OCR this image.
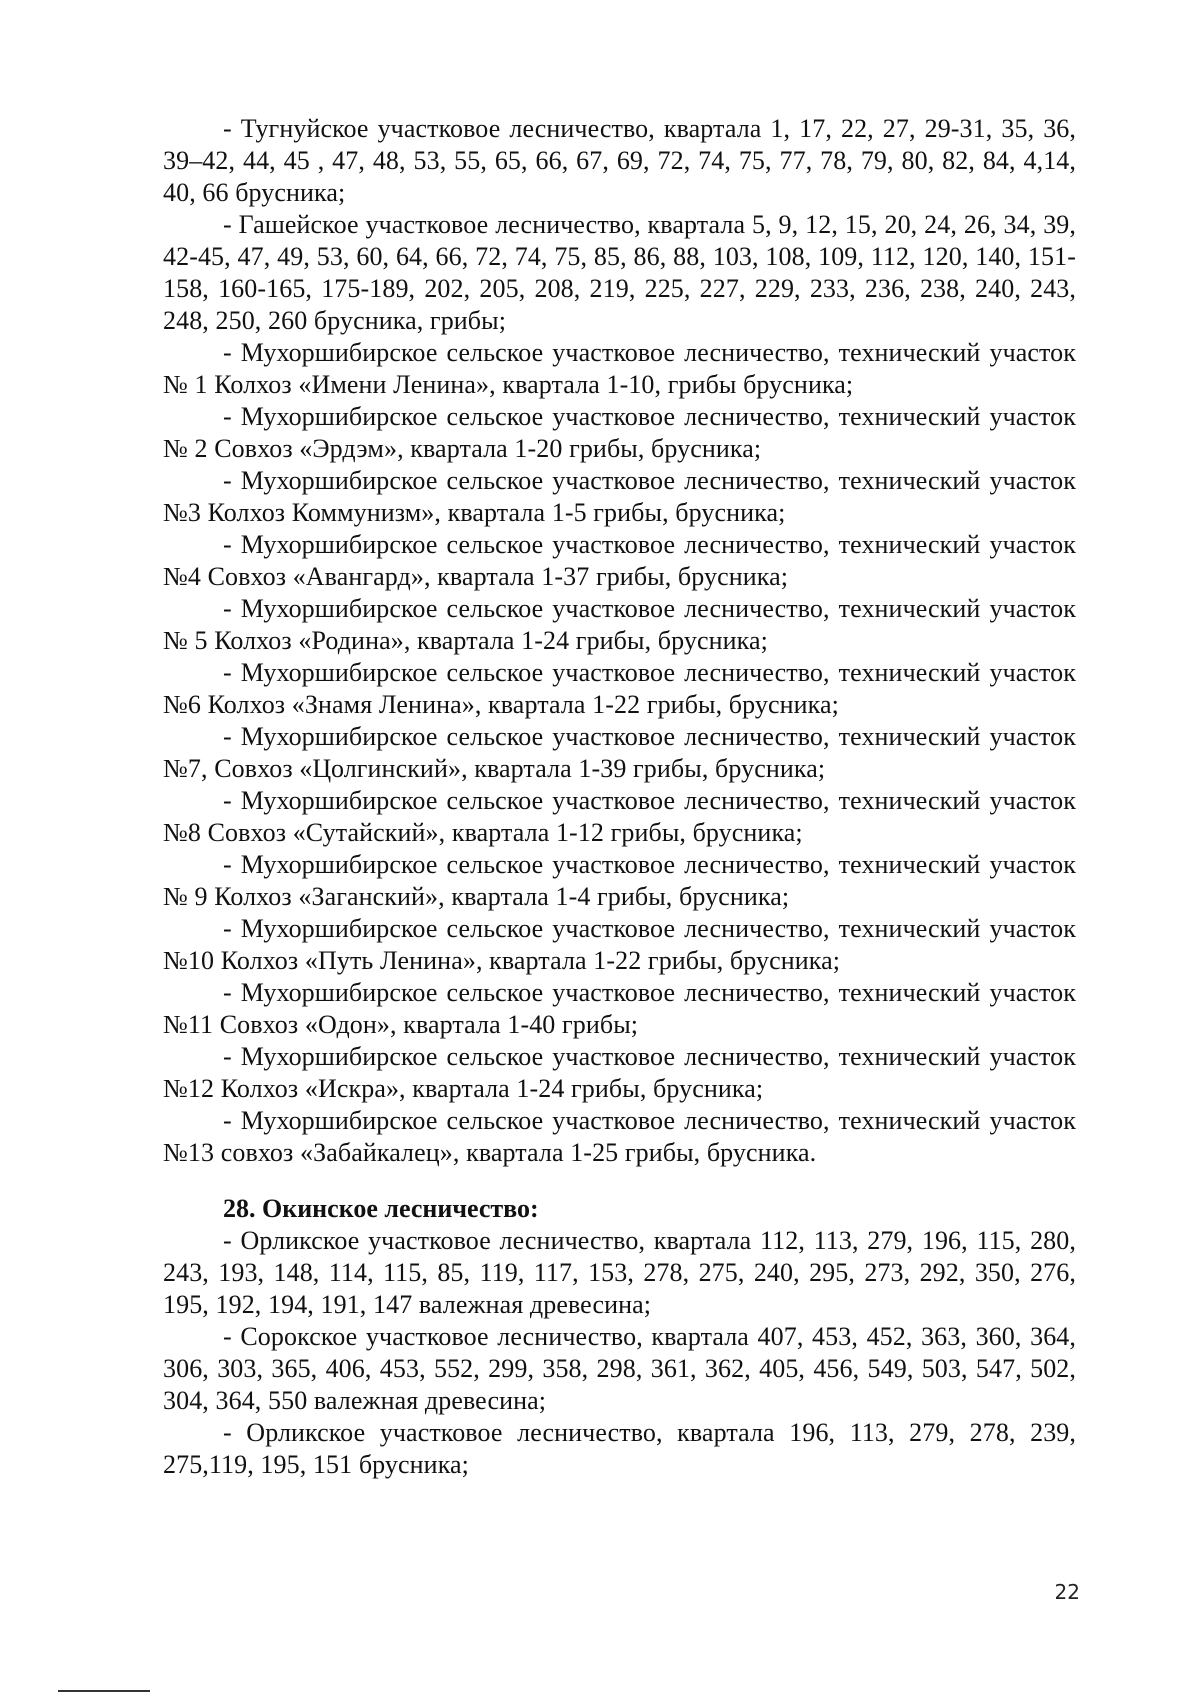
- Тугнуйское участковое лесничество, квартала 1, 17, 22, 27, 29-31, 35, 36, 39–42, 44, 45 , 47, 48, 53, 55, 65, 66, 67, 69, 72, 74, 75, 77, 78, 79, 80, 82, 84, 4,14, 40, 66 брусника;

- Гашейское участковое лесничество, квартала 5, 9, 12, 15, 20, 24, 26, 34, 39, 42-45, 47, 49, 53, 60, 64, 66, 72, 74, 75, 85, 86, 88, 103, 108, 109, 112, 120, 140, 151-158, 160-165, 175-189, 202, 205, 208, 219, 225, 227, 229, 233, 236, 238, 240, 243, 248, 250, 260 брусника, грибы;

- Мухоршибирское сельское участковое лесничество, технический участок № 1 Колхоз «Имени Ленина», квартала 1-10, грибы брусника;

- Мухоршибирское сельское участковое лесничество, технический участок № 2 Совхоз «Эрдэм», квартала 1-20 грибы, брусника;

- Мухоршибирское сельское участковое лесничество, технический участок №3 Колхоз Коммунизм», квартала 1-5 грибы, брусника;

- Мухоршибирское сельское участковое лесничество, технический участок №4 Совхоз «Авангард», квартала 1-37 грибы, брусника;

- Мухоршибирское сельское участковое лесничество, технический участок № 5 Колхоз «Родина», квартала 1-24 грибы, брусника;

- Мухоршибирское сельское участковое лесничество, технический участок №6 Колхоз «Знамя Ленина», квартала 1-22 грибы, брусника;

- Мухоршибирское сельское участковое лесничество, технический участок №7, Совхоз «Цолгинский», квартала 1-39 грибы, брусника;

- Мухоршибирское сельское участковое лесничество, технический участок №8 Совхоз «Сутайский», квартала 1-12 грибы, брусника;

- Мухоршибирское сельское участковое лесничество, технический участок № 9 Колхоз «Заганский», квартала 1-4 грибы, брусника;

- Мухоршибирское сельское участковое лесничество, технический участок №10 Колхоз «Путь Ленина», квартала 1-22 грибы, брусника;

- Мухоршибирское сельское участковое лесничество, технический участок №11 Совхоз «Одон», квартала 1-40 грибы;

- Мухоршибирское сельское участковое лесничество, технический участок №12 Колхоз «Искра», квартала 1-24 грибы, брусника;

- Мухоршибирское сельское участковое лесничество, технический участок №13 совхоз «Забайкалец», квартала 1-25 грибы, брусника.

28. Окинское лесничество:

- Орликское участковое лесничество, квартала 112, 113, 279, 196, 115, 280, 243, 193, 148, 114, 115, 85, 119, 117, 153, 278, 275, 240, 295, 273, 292, 350, 276, 195, 192, 194, 191, 147 валежная древесина;

- Сорокское участковое лесничество, квартала 407, 453, 452, 363, 360, 364, 306, 303, 365, 406, 453, 552, 299, 358, 298, 361, 362, 405, 456, 549, 503, 547, 502, 304, 364, 550 валежная древесина;

- Орликское участковое лесничество, квартала 196, 113, 279, 278, 239, 275,119, 195, 151 брусника;

22
